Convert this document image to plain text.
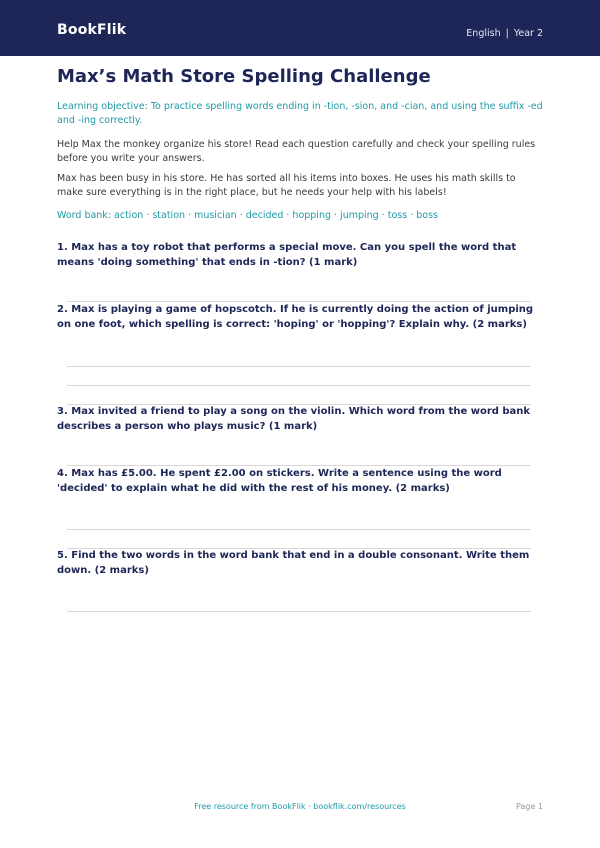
BookFlik	English | Year 2
Max’s Math Store Spelling Challenge
Learning objective: To practice spelling words ending in -tion, -sion, and -cian, and using the suffix -ed and -ing correctly.
Help Max the monkey organize his store! Read each question carefully and check your spelling rules before you write your answers.
Max has been busy in his store. He has sorted all his items into boxes. He uses his math skills to make sure everything is in the right place, but he needs your help with his labels!
Word bank: action · station · musician · decided · hopping · jumping · toss · boss
1. Max has a toy robot that performs a special move. Can you spell the word that means 'doing something' that ends in -tion? (1 mark)
2. Max is playing a game of hopscotch. If he is currently doing the action of jumping on one foot, which spelling is correct: 'hoping' or 'hopping'? Explain why. (2 marks)
3. Max invited a friend to play a song on the violin. Which word from the word bank describes a person who plays music? (1 mark)
4. Max has £5.00. He spent £2.00 on stickers. Write a sentence using the word 'decided' to explain what he did with the rest of his money. (2 marks)
5. Find the two words in the word bank that end in a double consonant. Write them down. (2 marks)
Free resource from BookFlik · bookflik.com/resources	Page 1
